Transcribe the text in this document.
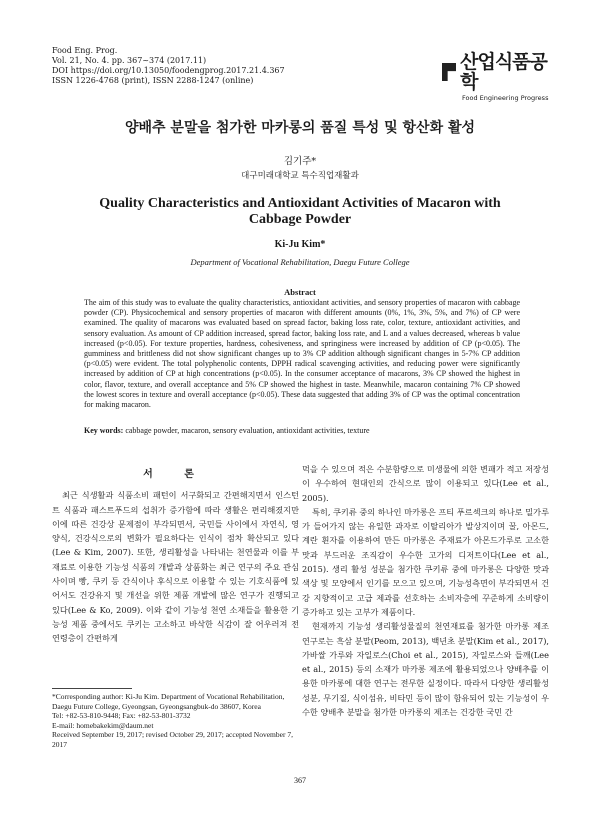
Food Eng. Prog.
Vol. 21, No. 4. pp. 367~374 (2017.11)
DOI https://doi.org/10.13050/foodengprog.2017.21.4.367
ISSN 1226-4768 (print), ISSN 2288-1247 (online)
산업식품공학
Food Engineering Progress
양배추 분말을 첨가한 마카롱의 품질 특성 및 항산화 활성
김기주*
대구미래대학교 특수직업재활과
Quality Characteristics and Antioxidant Activities of Macaron with
Cabbage Powder
Ki-Ju Kim*
Department of Vocational Rehabilitation, Daegu Future College
Abstract
The aim of this study was to evaluate the quality characteristics, antioxidant activities, and sensory properties of macaron with cabbage powder (CP). Physicochemical and sensory properties of macaron with different amounts (0%, 1%, 3%, 5%, and 7%) of CP were examined. The quality of macarons was evaluated based on spread factor, baking loss rate, color, texture, antioxidant activities, and sensory evaluation. As amount of CP addition increased, spread factor, baking loss rate, and L and a values decreased, whereas b value increased (p<0.05). For texture properties, hardness, cohesiveness, and springiness were increased by addition of CP (p<0.05). The gumminess and brittleness did not show significant changes up to 3% CP addition although significant changes in 5-7% CP addition (p<0.05) were evident. The total polyphenolic contents, DPPH radical scavenging activities, and reducing power were significantly increased by addition of CP at high concentrations (p<0.05). In the consumer acceptance of macarons, 3% CP showed the highest in color, flavor, texture, and overall acceptance and 5% CP showed the highest in taste. Meanwhile, macaron containing 7% CP showed the lowest scores in texture and overall acceptance (p<0.05). These data suggested that adding 3% of CP was the optimal concentration for making macaron.
Key words: cabbage powder, macaron, sensory evaluation, antioxidant activities, texture
서 론

최근 식생활과 식품소비 패턴이 서구화되고 간편해지면서 인스턴트 식품과 패스트푸드의 섭취가 증가함에 따라 생활은 편리해졌지만 이에 따른 건강상 문제점이 부각되면서, 국민들 사이에서 자연식, 영양식, 건강식으로의 변화가 필요하다는 인식이 점차 확산되고 있다(Lee & Kim, 2007). 또한, 생리활성을 나타내는 천연물과 이를 부재료로 이용한 기능성 식품의 개발과 상품화는 최근 연구의 주요 관심사이며 빵, 쿠키 등 간식이나 후식으로 이용할 수 있는 기호식품에 있어서도 건강유지 및 개선을 위한 제품 개발에 많은 연구가 진행되고 있다(Lee & Ko, 2009). 이와 같이 기능성 천연 소재들을 활용한 기능성 제품 중에서도 쿠키는 고소하고 바삭한 식감이 잘 어우러져 전 연령층이 간편하게

먹을 수 있으며 적은 수분함량으로 미생물에 의한 변패가 적고 저장성이 우수하여 현대인의 간식으로 많이 이용되고 있다(Lee et al., 2005).

특히, 쿠키류 중의 하나인 마카롱은 프티 푸르섹크의 하나로 밀가루가 들어가지 않는 유일한 과자로 이탈리아가 발상지이며 꿀, 아몬드, 계란 흰자를 이용하여 만든 마카롱은 주재료가 아몬드가루로 고소한 맛과 부드러운 조직감이 우수한 고가의 디저트이다(Lee et al., 2015). 생리 활성 성분을 첨가한 쿠키류 중에 마카롱은 다양한 맛과 색상 및 모양에서 인기를 모으고 있으며, 기능성측면이 부각되면서 건강 지향적이고 고급 제과를 선호하는 소비자층에 꾸준하게 소비량이 증가하고 있는 고부가 제품이다.

현재까지 기능성 생리활성물질의 천연재료를 첨가한 마카롱 제조 연구로는 흑삼 분말(Peom, 2013), 백년초 분말(Kim et al., 2017), 가바쌀 가루와 자일로스(Choi et al., 2015), 자일로스와 들깨(Lee et al., 2015) 등의 소재가 마카롱 제조에 활용되었으나 양배추를 이용한 마카롱에 대한 연구는 전무한 실정이다. 따라서 다양한 생리활성 성분, 무기질, 식이섬유, 비타민 등이 많이 함유되어 있는 기능성이 우수한 양배추 분말을 첨가한 마카롱의 제조는 건강한 국민 간

*Corresponding author: Ki-Ju Kim. Department of Vocational Rehabilitation, Daegu Future College, Gyeongsan, Gyeongsangbuk-do 38607, Korea
Tel: +82-53-810-9448; Fax: +82-53-801-3732
E-mail: homebakekim@daum.net
Received September 19, 2017; revised October 29, 2017; accepted November 7, 2017
367
